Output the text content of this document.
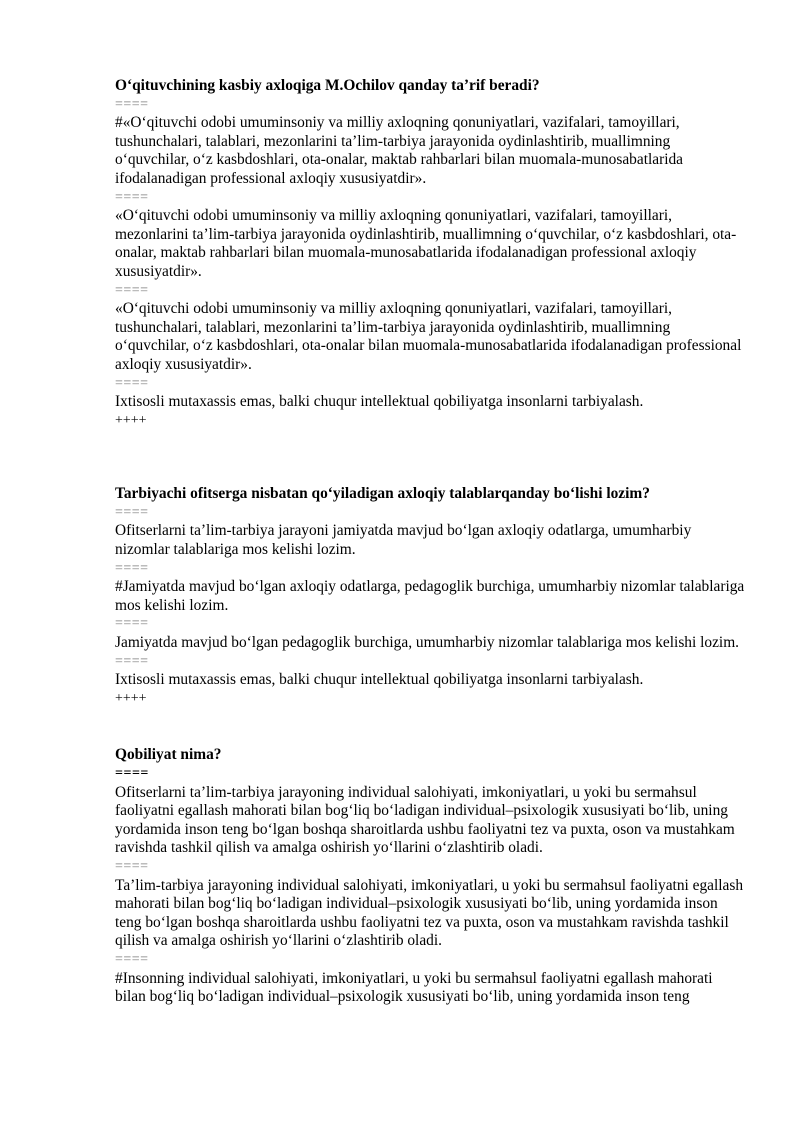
O‘qituvchining kasbiy axloqiga M.Ochilov qanday ta’rif beradi?

====

#«O‘qituvchi odobi umuminsoniy va milliy axloqning qonuniyatlari, vazifalari, tamoyillari, tushunchalari, talablari, mezonlarini ta’lim-tarbiya jarayonida oydinlashtirib, muallimning o‘quvchilar, o‘z kasbdoshlari, ota-onalar, maktab rahbarlari bilan muomala-munosabatlarida ifodalanadigan professional axloqiy xususiyatdir».

====

«O‘qituvchi odobi umuminsoniy va milliy axloqning qonuniyatlari, vazifalari, tamoyillari, mezonlarini ta’lim-tarbiya jarayonida oydinlashtirib, muallimning o‘quvchilar, o‘z kasbdoshlari, ota-onalar, maktab rahbarlari bilan muomala-munosabatlarida ifodalanadigan professional axloqiy xususiyatdir».

====

«O‘qituvchi odobi umuminsoniy va milliy axloqning qonuniyatlari, vazifalari, tamoyillari, tushunchalari, talablari, mezonlarini ta’lim-tarbiya jarayonida oydinlashtirib, muallimning o‘quvchilar, o‘z kasbdoshlari, ota-onalar bilan muomala-munosabatlarida ifodalanadigan professional axloqiy xususiyatdir».

====

Ixtisosli mutaxassis emas, balki chuqur intellektual qobiliyatga insonlarni tarbiyalash.

++++

Tarbiyachi ofitserga nisbatan qo‘yiladigan axloqiy talablarqanday bo‘lishi lozim?

====

Ofitserlarni ta’lim-tarbiya jarayoni jamiyatda mavjud bo‘lgan axloqiy odatlarga, umumharbiy nizomlar talablariga mos kelishi lozim.

====

#Jamiyatda mavjud bo‘lgan axloqiy odatlarga, pedagoglik burchiga, umumharbiy nizomlar talablariga mos kelishi lozim.

====

Jamiyatda mavjud bo‘lgan pedagoglik burchiga, umumharbiy nizomlar talablariga mos kelishi lozim.

====

Ixtisosli mutaxassis emas, balki chuqur intellektual qobiliyatga insonlarni tarbiyalash.

++++

Qobiliyat nima?

====

Ofitserlarni ta’lim-tarbiya jarayoning individual salohiyati, imkoniyatlari, u yoki bu sermahsul faoliyatni egallash mahorati bilan bog‘liq bo‘ladigan individual–psixologik xususiyati bo‘lib, uning yordamida inson teng bo‘lgan boshqa sharoitlarda ushbu faoliyatni tez va puxta, oson va mustahkam ravishda tashkil qilish va amalga oshirish yo‘llarini o‘zlashtirib oladi.

====

Ta’lim-tarbiya jarayoning individual salohiyati, imkoniyatlari, u yoki bu sermahsul faoliyatni egallash mahorati bilan bog‘liq bo‘ladigan individual–psixologik xususiyati bo‘lib, uning yordamida inson teng bo‘lgan boshqa sharoitlarda ushbu faoliyatni tez va puxta, oson va mustahkam ravishda tashkil qilish va amalga oshirish yo‘llarini o‘zlashtirib oladi.

====

#Insonning individual salohiyati, imkoniyatlari, u yoki bu sermahsul faoliyatni egallash mahorati bilan bog‘liq bo‘ladigan individual–psixologik xususiyati bo‘lib, uning yordamida inson teng
